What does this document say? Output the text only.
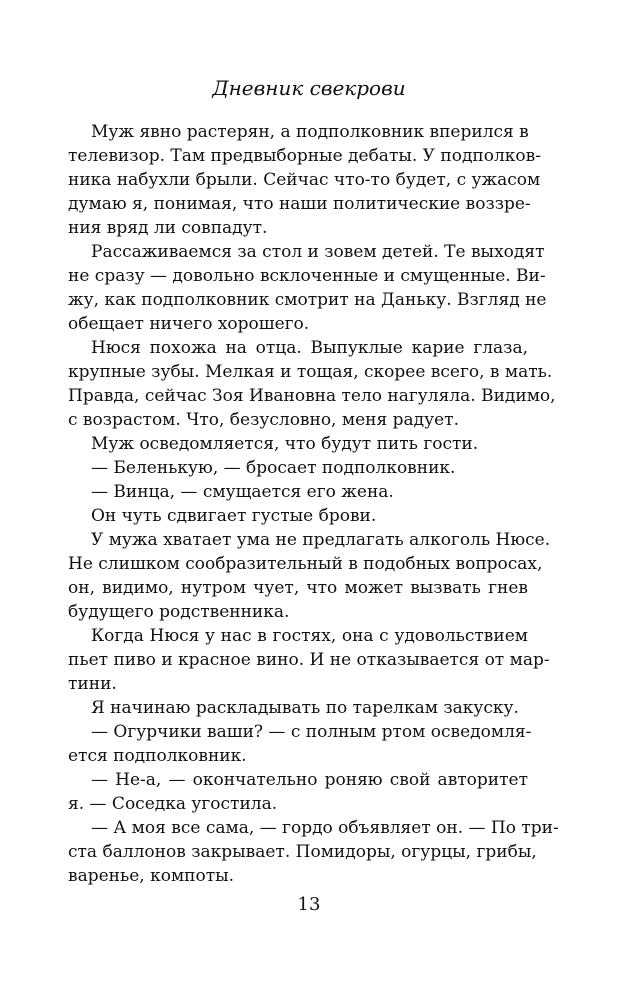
Дневник свекрови
Муж явно растерян, а подполковник вперился в
телевизор. Там предвыборные дебаты. У подполков-
ника набухли брыли. Сейчас что-то будет, с ужасом
думаю я, понимая, что наши политические воззре-
ния вряд ли совпадут.
Рассаживаемся за стол и зовем детей. Те выходят
не сразу — довольно всклоченные и смущенные. Ви-
жу, как подполковник смотрит на Даньку. Взгляд не
обещает ничего хорошего.
Нюся похожа на отца. Выпуклые карие глаза,
крупные зубы. Мелкая и тощая, скорее всего, в мать.
Правда, сейчас Зоя Ивановна тело нагуляла. Видимо,
с возрастом. Что, безусловно, меня радует.
Муж осведомляется, что будут пить гости.
— Беленькую, — бросает подполковник.
— Винца, — смущается его жена.
Он чуть сдвигает густые брови.
У мужа хватает ума не предлагать алкоголь Нюсе.
Не слишком сообразительный в подобных вопросах,
он, видимо, нутром чует, что может вызвать гнев
будущего родственника.
Когда Нюся у нас в гостях, она с удовольствием
пьет пиво и красное вино. И не отказывается от мар-
тини.
Я начинаю раскладывать по тарелкам закуску.
— Огурчики ваши? — с полным ртом осведомля-
ется подполковник.
— Не-а, — окончательно роняю свой авторитет
я. — Соседка угостила.
— А моя все сама, — гордо объявляет он. — По три-
ста баллонов закрывает. Помидоры, огурцы, грибы,
варенье, компоты.
13
